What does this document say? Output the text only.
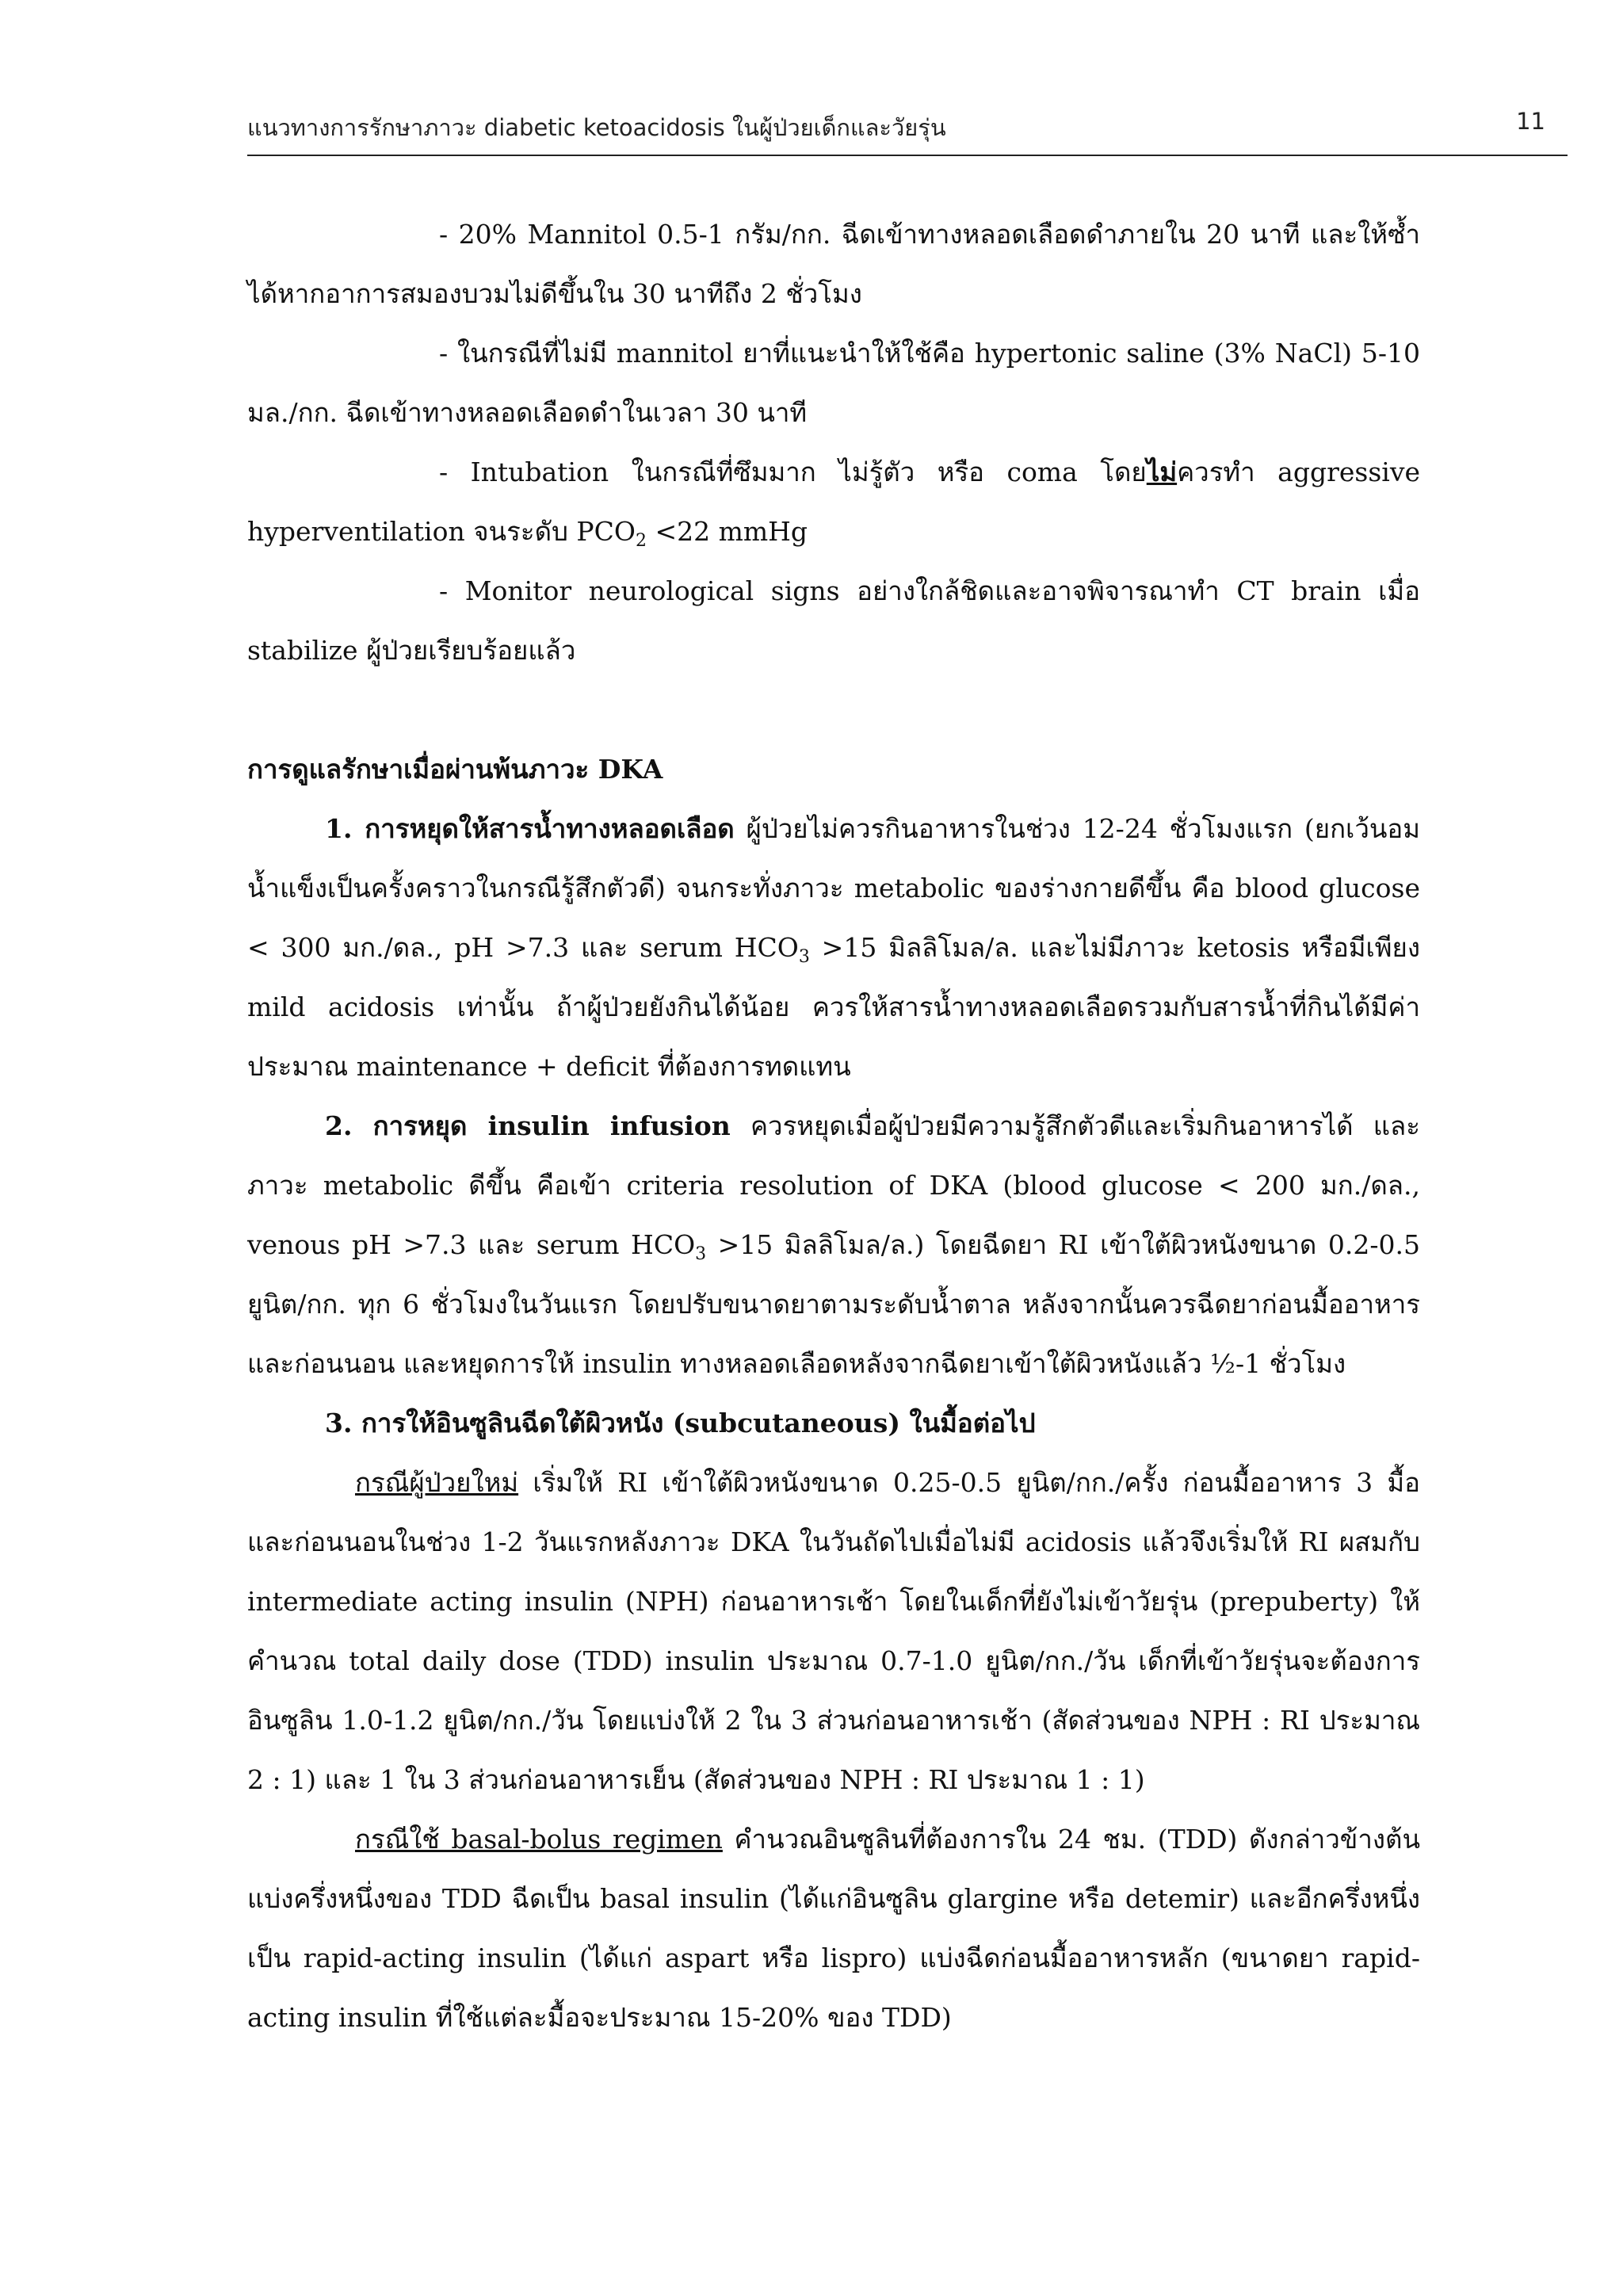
แนวทางการรักษาภาวะ diabetic ketoacidosis ในผู้ป่วยเด็กและวัยรุ่น	11

- 20% Mannitol 0.5-1 กรัม/กก. ฉีดเข้าทางหลอดเลือดดำภายใน 20 นาที และให้ซ้ำได้หากอาการสมองบวมไม่ดีขึ้นใน 30 นาทีถึง 2 ชั่วโมง

- ในกรณีที่ไม่มี mannitol ยาที่แนะนำให้ใช้คือ hypertonic saline (3% NaCl) 5-10 มล./กก. ฉีดเข้าทางหลอดเลือดดำในเวลา 30 นาที

- Intubation ในกรณีที่ซึมมาก ไม่รู้ตัว หรือ coma โดยไม่ควรทำ aggressive hyperventilation จนระดับ $PCO_2 <22$ mmHg

- Monitor neurological signs อย่างใกล้ชิดและอาจพิจารณาทำ CT brain เมื่อ stabilize ผู้ป่วยเรียบร้อยแล้ว

การดูแลรักษาเมื่อผ่านพ้นภาวะ DKA

1. การหยุดให้สารน้ำทางหลอดเลือด ผู้ป่วยไม่ควรกินอาหารในช่วง 12-24 ชั่วโมงแรก (ยกเว้นอมน้ำแข็งเป็นครั้งคราวในกรณีรู้สึกตัวดี) จนกระทั่งภาวะ metabolic ของร่างกายดีขึ้น คือ blood glucose < 300 มก./ดล., pH >7.3 และ serum $HCO_3 >15$ มิลลิโมล/ล. และไม่มีภาวะ ketosis หรือมีเพียง mild acidosis เท่านั้น ถ้าผู้ป่วยยังกินได้น้อย ควรให้สารน้ำทางหลอดเลือดรวมกับสารน้ำที่กินได้มีค่าประมาณ maintenance + deficit ที่ต้องการทดแทน

2. การหยุด insulin infusion ควรหยุดเมื่อผู้ป่วยมีความรู้สึกตัวดีและเริ่มกินอาหารได้ และภาวะ metabolic ดีขึ้น คือเข้า criteria resolution of DKA (blood glucose < 200 มก./ดล., venous pH >7.3 และ serum $HCO_3 >15$ มิลลิโมล/ล.) โดยฉีดยา RI เข้าใต้ผิวหนังขนาด 0.2-0.5 ยูนิต/กก. ทุก 6 ชั่วโมงในวันแรก โดยปรับขนาดยาตามระดับน้ำตาล หลังจากนั้นควรฉีดยาก่อนมื้ออาหาร และก่อนนอน และหยุดการให้ insulin ทางหลอดเลือดหลังจากฉีดยาเข้าใต้ผิวหนังแล้ว ½-1 ชั่วโมง

3. การให้อินซูลินฉีดใต้ผิวหนัง (subcutaneous) ในมื้อต่อไป

กรณีผู้ป่วยใหม่ เริ่มให้ RI เข้าใต้ผิวหนังขนาด 0.25-0.5 ยูนิต/กก./ครั้ง ก่อนมื้ออาหาร 3 มื้อ และก่อนนอนในช่วง 1-2 วันแรกหลังภาวะ DKA ในวันถัดไปเมื่อไม่มี acidosis แล้วจึงเริ่มให้ RI ผสมกับ intermediate acting insulin (NPH) ก่อนอาหารเช้า โดยในเด็กที่ยังไม่เข้าวัยรุ่น (prepuberty) ให้คำนวณ total daily dose (TDD) insulin ประมาณ 0.7-1.0 ยูนิต/กก./วัน เด็กที่เข้าวัยรุ่นจะต้องการอินซูลิน 1.0-1.2 ยูนิต/กก./วัน โดยแบ่งให้ 2 ใน 3 ส่วนก่อนอาหารเช้า (สัดส่วนของ NPH : RI ประมาณ 2 : 1) และ 1 ใน 3 ส่วนก่อนอาหารเย็น (สัดส่วนของ NPH : RI ประมาณ 1 : 1)

กรณีใช้ basal-bolus regimen คำนวณอินซูลินที่ต้องการใน 24 ชม. (TDD) ดังกล่าวข้างต้น แบ่งครึ่งหนึ่งของ TDD ฉีดเป็น basal insulin (ได้แก่อินซูลิน glargine หรือ detemir) และอีกครึ่งหนึ่งเป็น rapid-acting insulin (ได้แก่ aspart หรือ lispro) แบ่งฉีดก่อนมื้ออาหารหลัก (ขนาดยา rapid-acting insulin ที่ใช้แต่ละมื้อจะประมาณ 15-20% ของ TDD)
